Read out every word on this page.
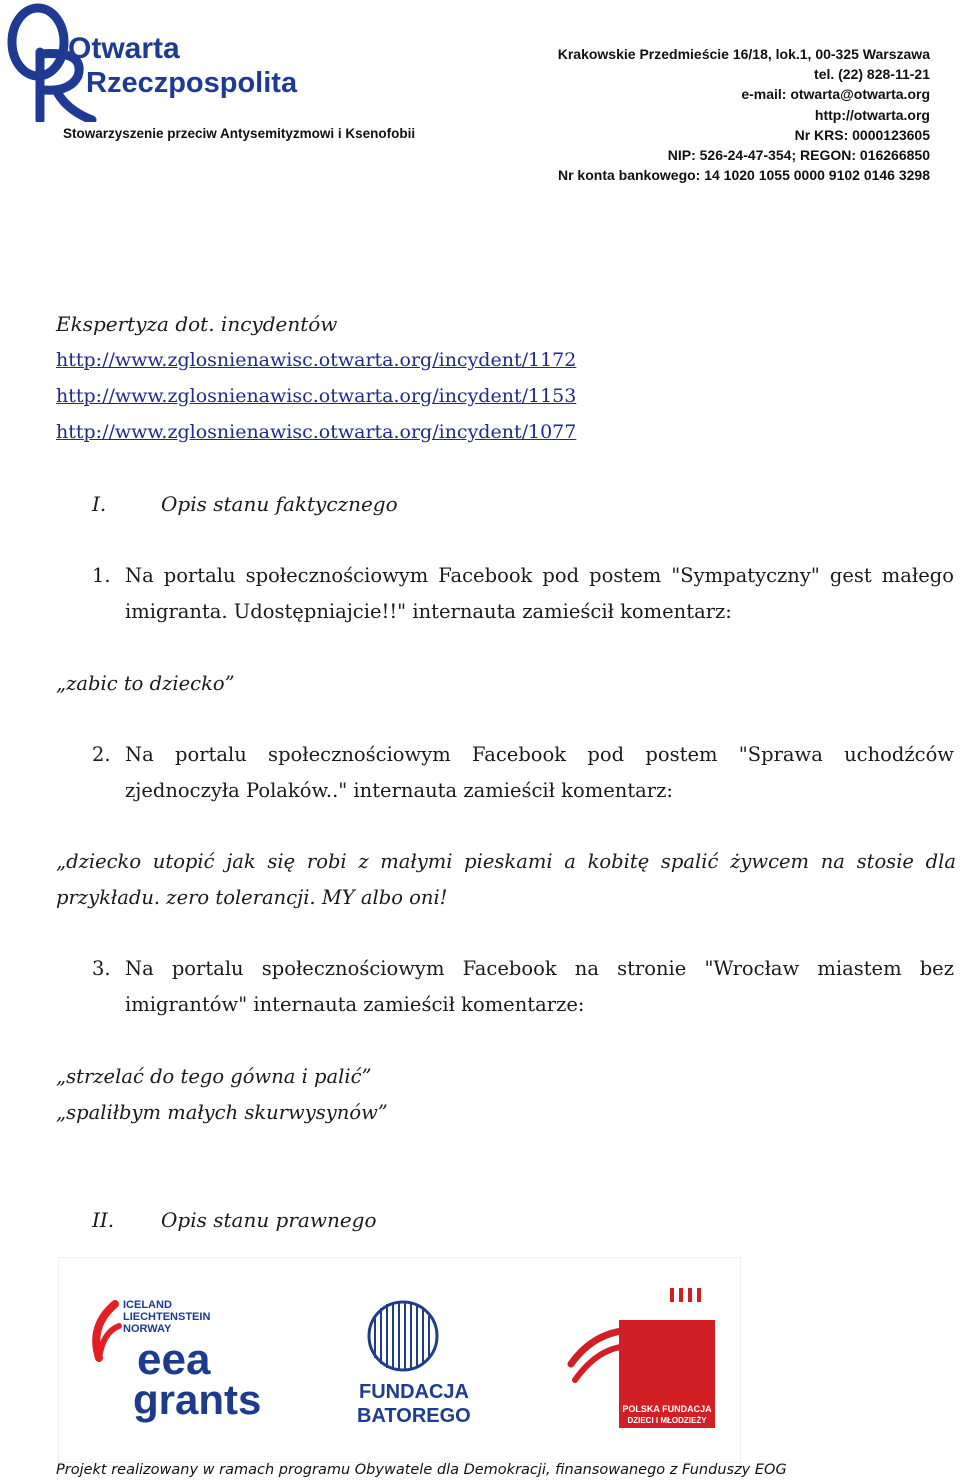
Otwarta
Rzeczpospolita
Stowarzyszenie przeciw Antysemityzmowi i Ksenofobii
Krakowskie Przedmieście 16/18, lok.1, 00-325 Warszawa
tel. (22) 828-11-21
e-mail: otwarta@otwarta.org
http://otwarta.org
Nr KRS: 0000123605
NIP: 526-24-47-354; REGON: 016266850
Nr konta bankowego: 14 1020 1055 0000 9102 0146 3298
Ekspertyza dot. incydentów
http://www.zglosnienawisc.otwarta.org/incydent/1172
http://www.zglosnienawisc.otwarta.org/incydent/1153
http://www.zglosnienawisc.otwarta.org/incydent/1077
I.	Opis stanu faktycznego
1. Na portalu społecznościowym Facebook pod postem "Sympatyczny" gest małego imigranta. Udostępniajcie!!" internauta zamieścił komentarz:
„zabic to dziecko”
2. Na portalu społecznościowym Facebook pod postem "Sprawa uchodźców zjednoczyła Polaków.." internauta zamieścił komentarz:
„dziecko utopić jak się robi z małymi pieskami a kobitę spalić żywcem na stosie dla przykładu. zero tolerancji. MY albo oni!
3. Na portalu społecznościowym Facebook na stronie "Wrocław miastem bez imigrantów" internauta zamieścił komentarze:
„strzelać do tego gówna i palić”
„spaliłbym małych skurwysynów”
II. Opis stanu prawnego
ICELAND
LIECHTENSTEIN
NORWAY
eea
grants	FUNDACJA
BATOREGO	POLSKA FUNDACJA
DZIECI I MŁODZIEŻY
Projekt realizowany w ramach programu Obywatele dla Demokracji, finansowanego z Funduszy EOG
